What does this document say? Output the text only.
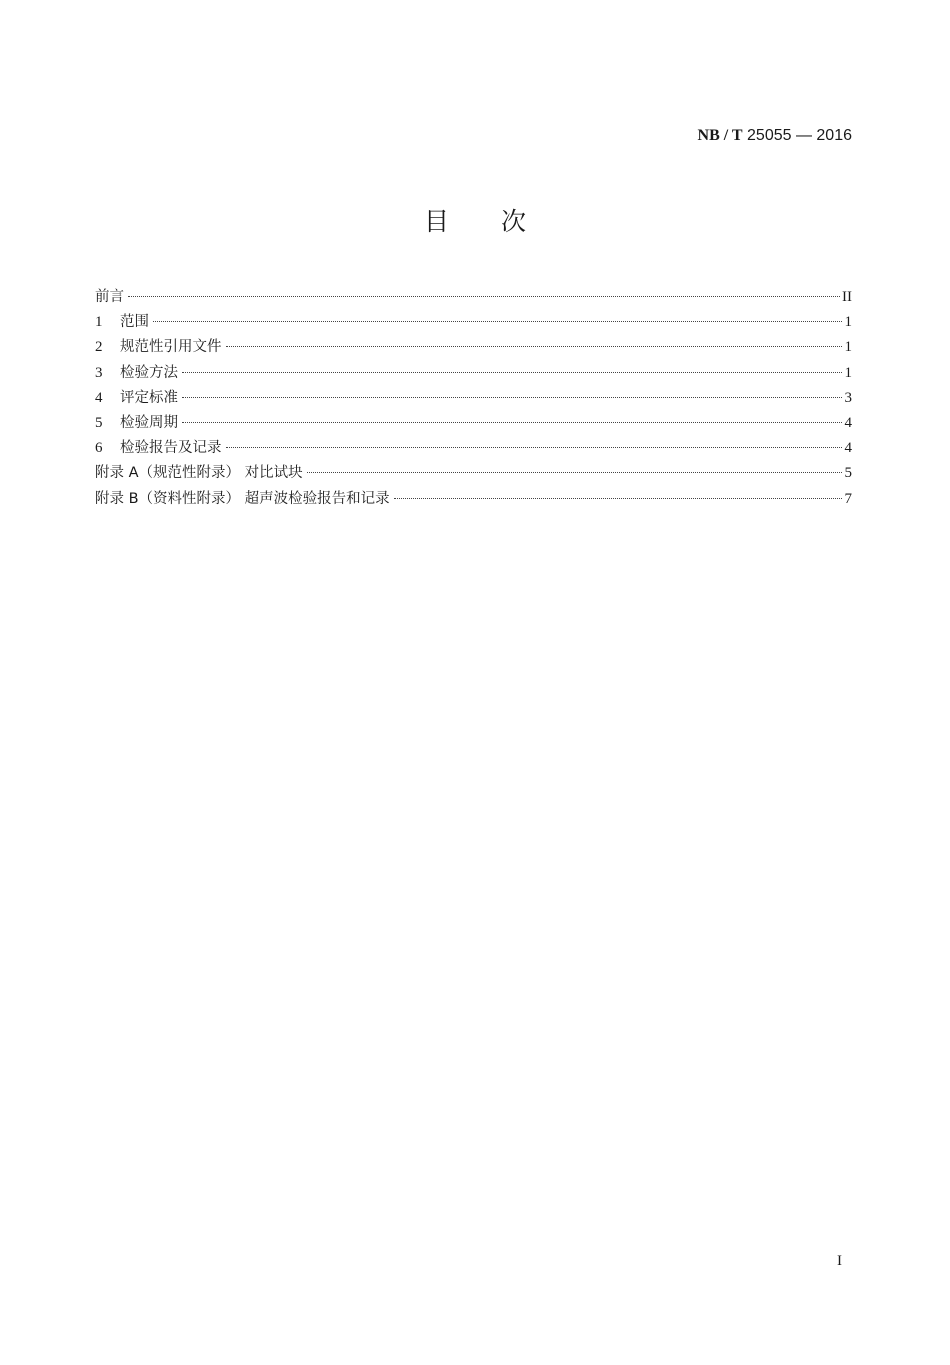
NB / T 25055 — 2016
目次
前言	II
1	范围	1
2	规范性引用文件	1
3	检验方法	1
4	评定标准	3
5	检验周期	4
6	检验报告及记录	4
附录 A（规范性附录） 对比试块	5
附录 B（资料性附录） 超声波检验报告和记录	7
I
